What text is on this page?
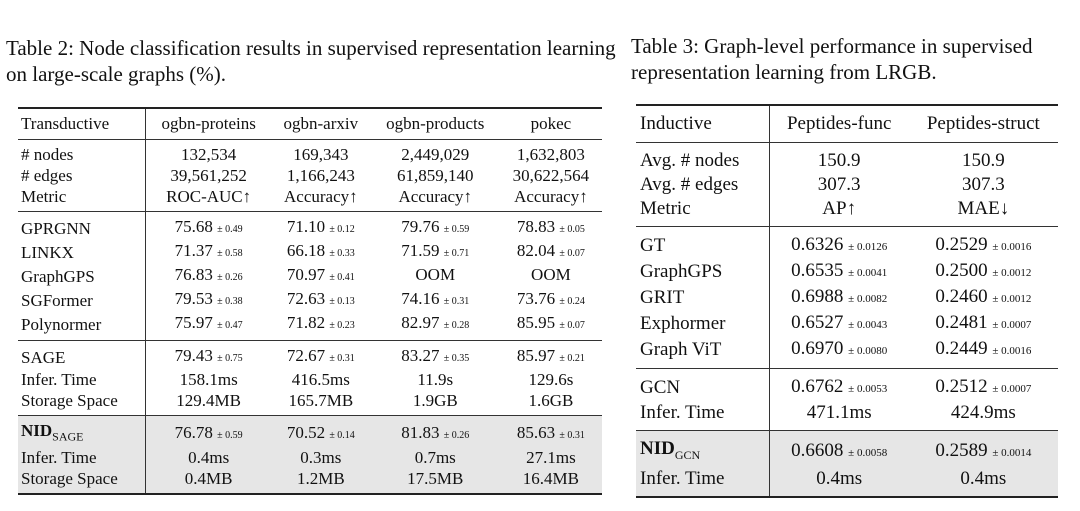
Table 2: Node classification results in supervised representation learning on large-scale graphs (%).

Transductive	ogbn-proteins	ogbn-arxiv	ogbn-products	pokec
# nodes	132,534	169,343	2,449,029	1,632,803
# edges	39,561,252	1,166,243	61,859,140	30,622,564
Metric	ROC-AUC↑	Accuracy↑	Accuracy↑	Accuracy↑
GPRGNN	75.68 ± 0.49	71.10 ± 0.12	79.76 ± 0.59	78.83 ± 0.05
LINKX	71.37 ± 0.58	66.18 ± 0.33	71.59 ± 0.71	82.04 ± 0.07
GraphGPS	76.83 ± 0.26	70.97 ± 0.41	OOM	OOM
SGFormer	79.53 ± 0.38	72.63 ± 0.13	74.16 ± 0.31	73.76 ± 0.24
Polynormer	75.97 ± 0.47	71.82 ± 0.23	82.97 ± 0.28	85.95 ± 0.07
SAGE	79.43 ± 0.75	72.67 ± 0.31	83.27 ± 0.35	85.97 ± 0.21
Infer. Time	158.1ms	416.5ms	11.9s	129.6s
Storage Space	129.4MB	165.7MB	1.9GB	1.6GB
$NID_{SAGE}$	76.78 ± 0.59	70.52 ± 0.14	81.83 ± 0.26	85.63 ± 0.31
Infer. Time	0.4ms	0.3ms	0.7ms	27.1ms
Storage Space	0.4MB	1.2MB	17.5MB	16.4MB

Table 3: Graph-level performance in supervised representation learning from LRGB.

Inductive	Peptides-func	Peptides-struct
Avg. # nodes	150.9	150.9
Avg. # edges	307.3	307.3
Metric	AP↑	MAE↓
GT	0.6326 ± 0.0126	0.2529 ± 0.0016
GraphGPS	0.6535 ± 0.0041	0.2500 ± 0.0012
GRIT	0.6988 ± 0.0082	0.2460 ± 0.0012
Exphormer	0.6527 ± 0.0043	0.2481 ± 0.0007
Graph ViT	0.6970 ± 0.0080	0.2449 ± 0.0016
GCN	0.6762 ± 0.0053	0.2512 ± 0.0007
Infer. Time	471.1ms	424.9ms
$NID_{GCN}$	0.6608 ± 0.0058	0.2589 ± 0.0014
Infer. Time	0.4ms	0.4ms
